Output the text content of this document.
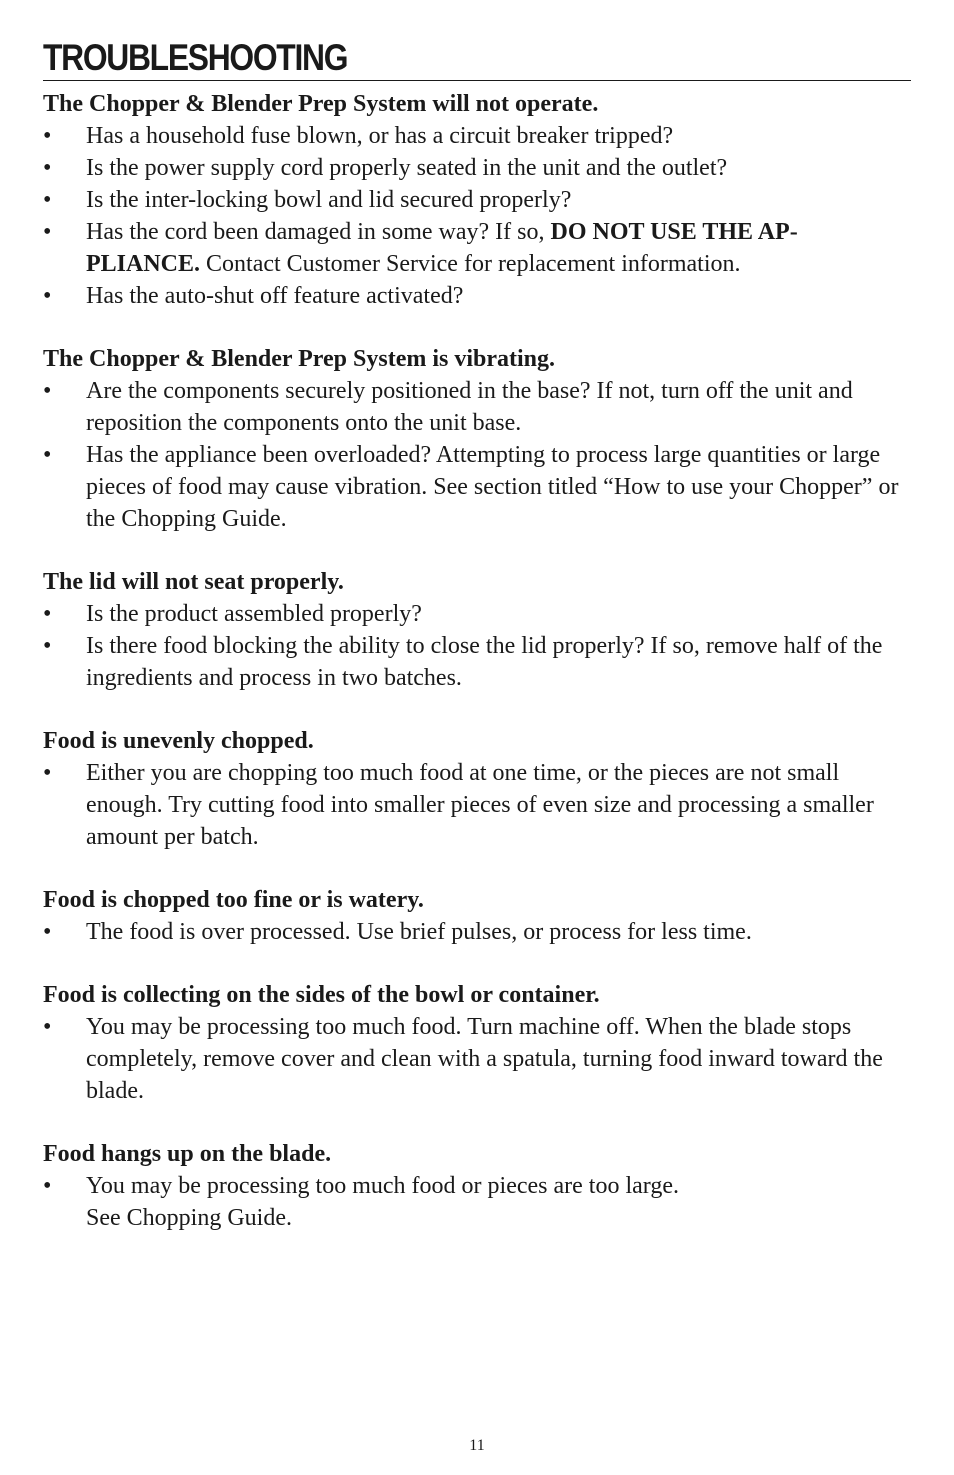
TROUBLESHOOTING

The Chopper & Blender Prep System will not operate.

• Has a household fuse blown, or has a circuit breaker tripped?
• Is the power supply cord properly seated in the unit and the outlet?
• Is the inter-locking bowl and lid secured properly?
• Has the cord been damaged in some way? If so, DO NOT USE THE AP-
PLIANCE. Contact Customer Service for replacement information.
• Has the auto-shut off feature activated?

The Chopper & Blender Prep System is vibrating.

• Are the components securely positioned in the base? If not, turn off the unit and reposition the components onto the unit base.
• Has the appliance been overloaded? Attempting to process large quantities or large pieces of food may cause vibration. See section titled “How to use your Chopper” or the Chopping Guide.

The lid will not seat properly.

• Is the product assembled properly?
• Is there food blocking the ability to close the lid properly? If so, remove half of the ingredients and process in two batches.

Food is unevenly chopped.

• Either you are chopping too much food at one time, or the pieces are not small enough. Try cutting food into smaller pieces of even size and processing a smaller amount per batch.

Food is chopped too fine or is watery.

• The food is over processed. Use brief pulses, or process for less time.

Food is collecting on the sides of the bowl or container.

• You may be processing too much food. Turn machine off. When the blade stops completely, remove cover and clean with a spatula, turning food inward toward the blade.

Food hangs up on the blade.

• You may be processing too much food or pieces are too large.
See Chopping Guide.
11
